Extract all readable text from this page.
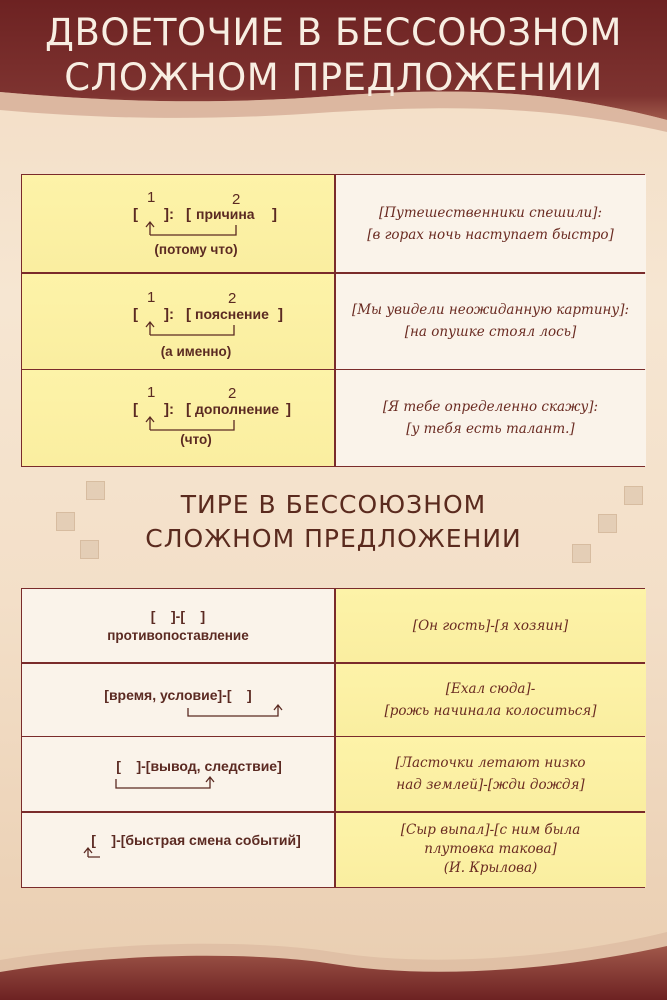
ДВОЕТОЧИЕ В БЕССОЮЗНОМ
СЛОЖНОМ ПРЕДЛОЖЕНИИ
[
1
]: [
2
причина ]
(потому что)
[Путешественники спешили]:
[в горах ночь наступает быстро]
[
1
]: [
2
пояснение ]
(а именно)
[Мы увидели неожиданную картину]:
[на опушке стоял лось]
[
1
]: [
2
дополнение ]
(что)
[Я тебе определенно скажу]:
[у тебя есть талант.]
ТИРЕ В БЕССОЮЗНОМ
СЛОЖНОМ ПРЕДЛОЖЕНИИ
[    ]-[    ]
противопоставление
[Он гость]-[я хозяин]
[время, условие]-[    ]	[Ехал сюда]-
[рожь начинала колоситься]
[    ]-[вывод, следствие]	[Ласточки летают низко
над землей]-[жди дождя]
[    ]-[быстрая смена событий]
[Сыр выпал]-[с ним была
плутовка такова]
(И. Крылова)
